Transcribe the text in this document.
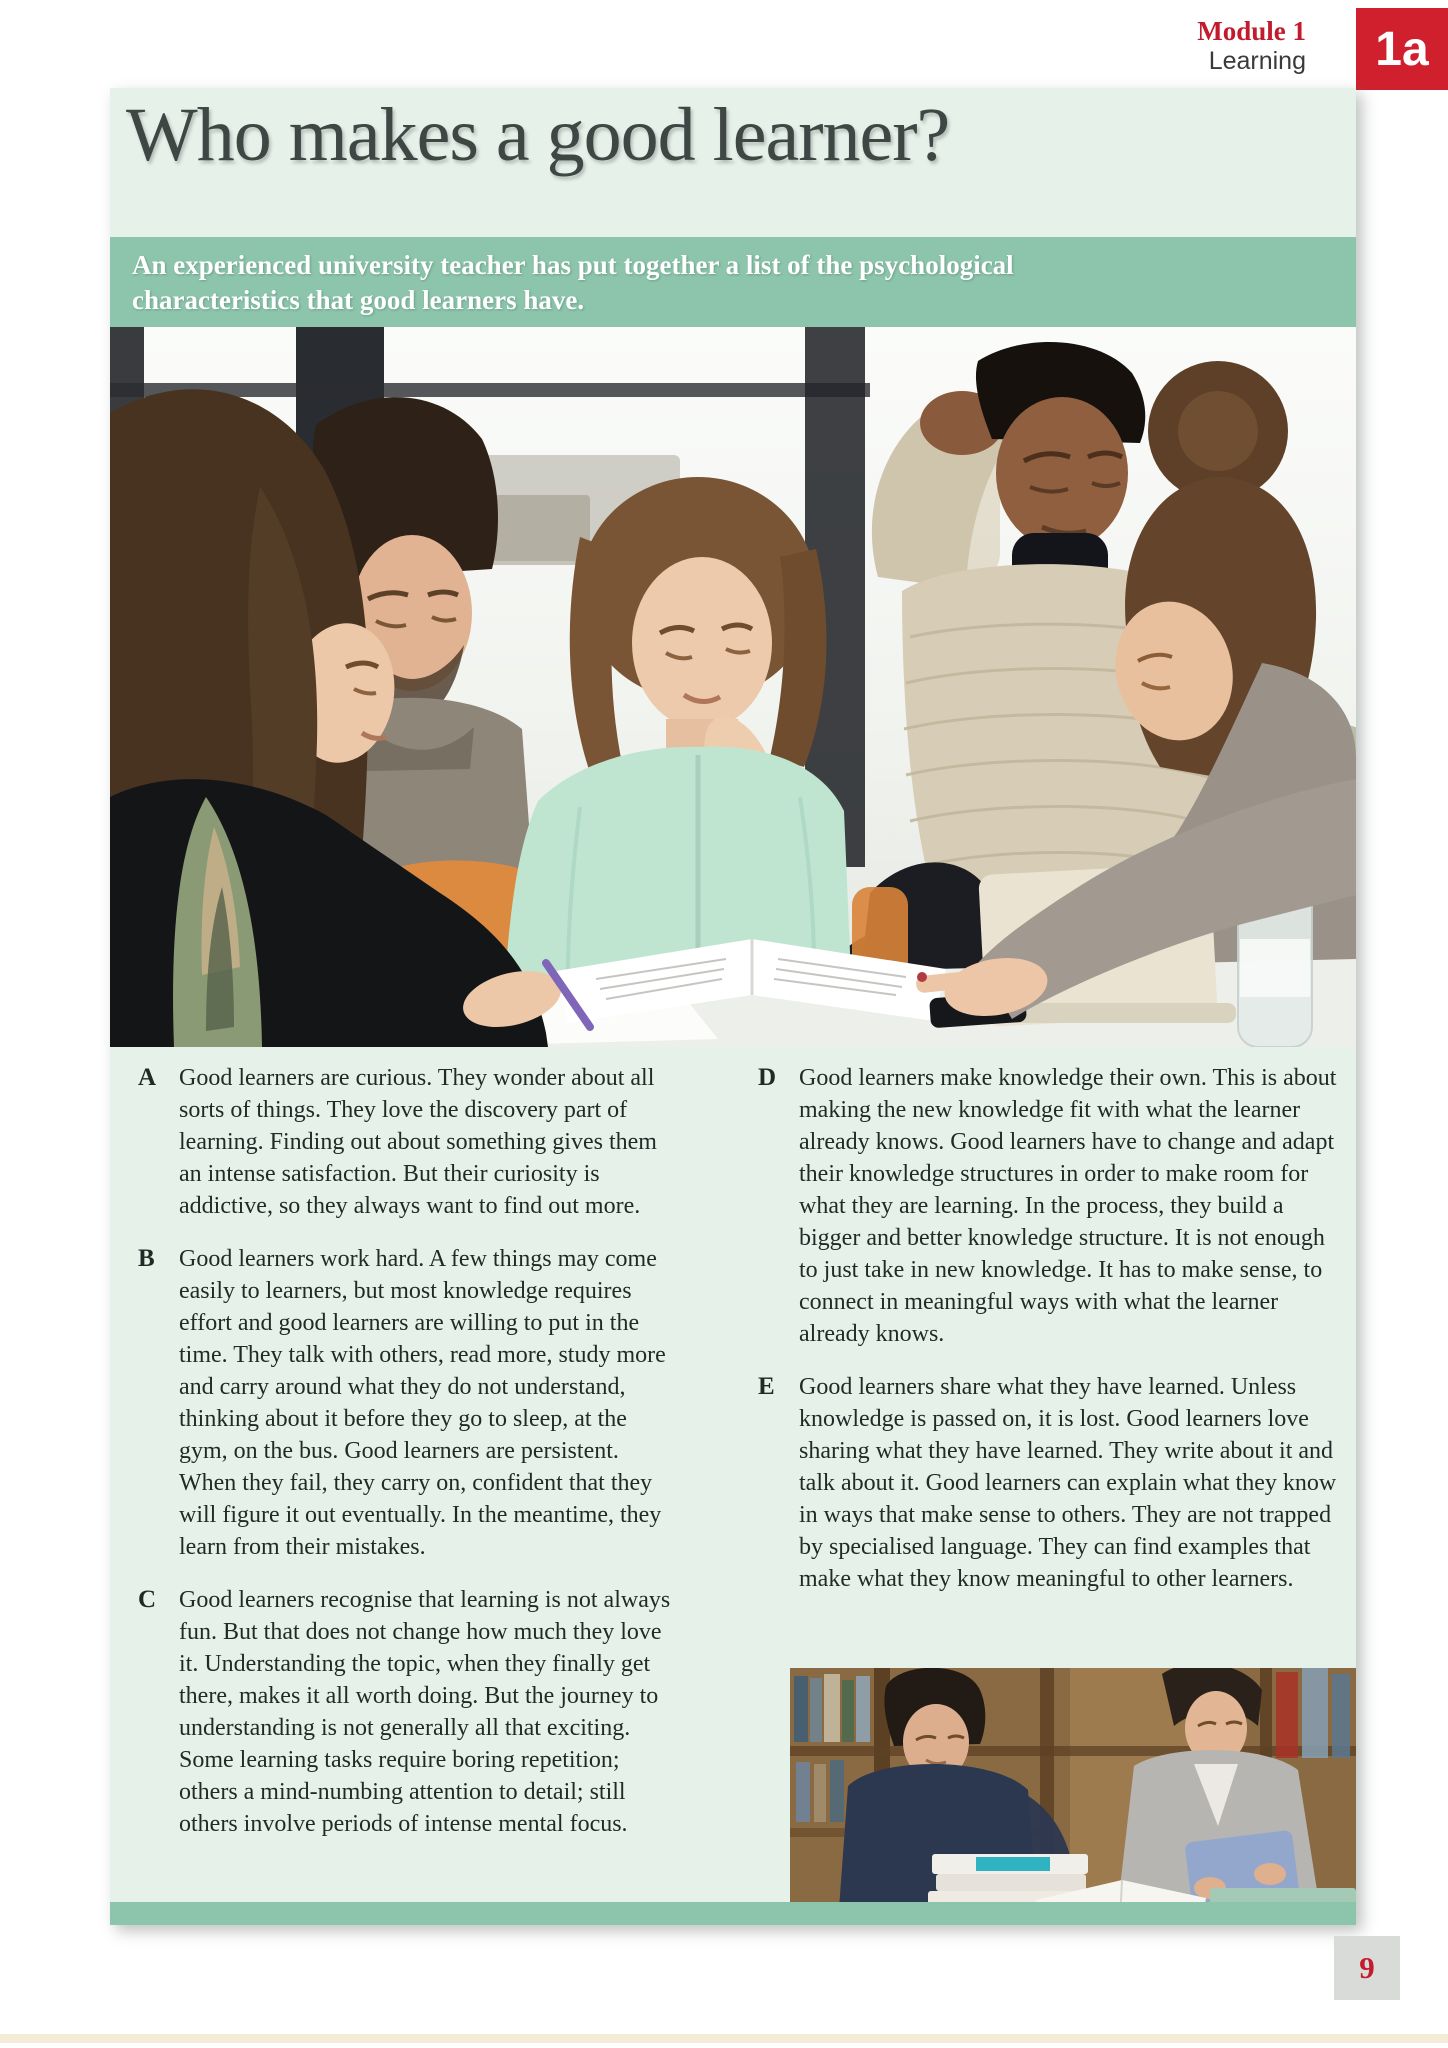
Module 1
Learning 1a
Who makes a good learner?
An experienced university teacher has put together a list of the psychological
characteristics that good learners have.
A Good learners are curious. They wonder about all sorts of things. They love the discovery part of learning. Finding out about something gives them an intense satisfaction. But their curiosity is addictive, so they always want to find out more.
B	Good learners work hard. A few things may come easily to learners, but most knowledge requires effort and good learners are willing to put in the time. They talk with others, read more, study more and carry around what they do not understand, thinking about it before they go to sleep, at the gym, on the bus. Good learners are persistent. When they fail, they carry on, confident that they will figure it out eventually. In the meantime, they learn from their mistakes.
C Good learners recognise that learning is not always fun. But that does not change how much they love it. Understanding the topic, when they finally get there, makes it all worth doing. But the journey to understanding is not generally all that exciting. Some learning tasks require boring repetition; others a mind-numbing attention to detail; still others involve periods of intense mental focus.
D Good learners make knowledge their own. This is about making the new knowledge fit with what the learner already knows. Good learners have to change and adapt their knowledge structures in order to make room for what they are learning. In the process, they build a bigger and better knowledge structure. It is not enough to just take in new knowledge. It has to make sense, to connect in meaningful ways with what the learner already knows.
E	Good learners share what they have learned. Unless knowledge is passed on, it is lost. Good learners love sharing what they have learned. They write about it and talk about it. Good learners can explain what they know in ways that make sense to others. They are not trapped by specialised language. They can find examples that make what they know meaningful to other learners.
9
